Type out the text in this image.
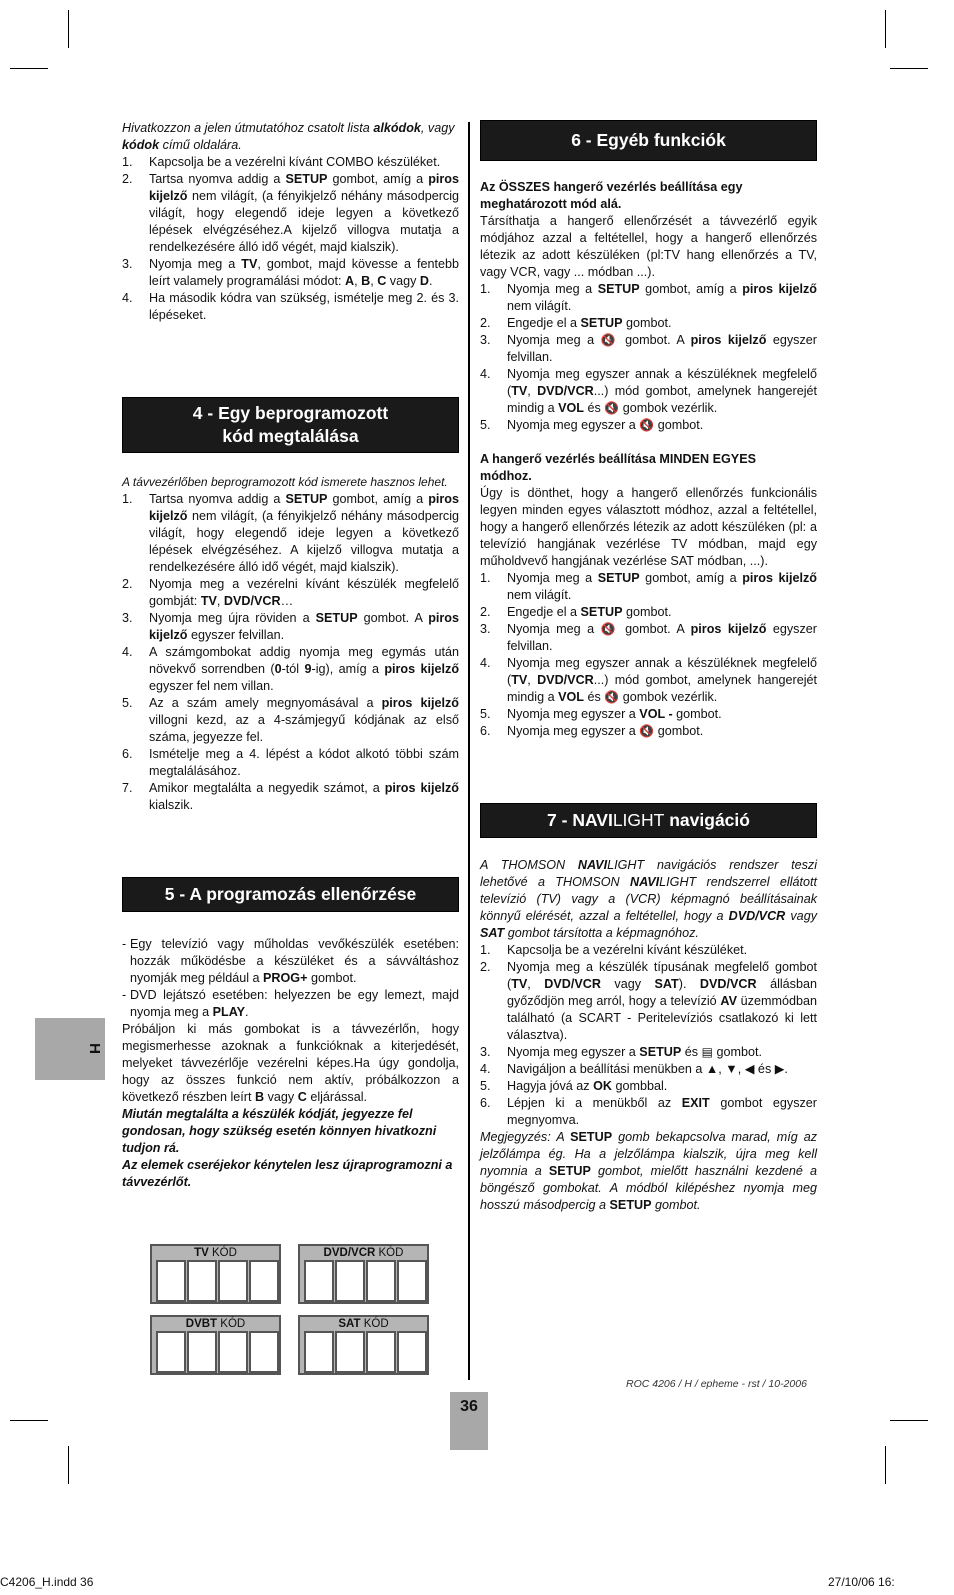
H

Hivatkozzon a jelen útmutatóhoz csatolt lista alkódok, vagy kódok című oldalára.

1.	Kapcsolja be a vezérelni kívánt COMBO készüléket.
2.	Tartsa nyomva addig a SETUP gombot, amíg a piros kijelző nem világít, (a fényikjelző néhány másodpercig világít, hogy elegendő ideje legyen a következő lépések elvégzéséhez.A kijelző villogva mutatja a rendelkezésére álló idő végét, majd kialszik).
3.	Nyomja meg a TV, gombot, majd kövesse a fentebb leírt valamely programálási módot: A, B, C vagy D.
4.	Ha második kódra van szükség, ismételje meg 2. és 3. lépéseket.
4 - Egy beprogramozott
kód megtalálása

A távvezérlőben beprogramozott kód ismerete hasznos lehet.

1.	Tartsa nyomva addig a SETUP gombot, amíg a piros kijelző nem világít, (a fényikjelző néhány másodpercig világít, hogy elegendő ideje legyen a következő lépések elvégzéséhez. A kijelző villogva mutatja a rendelkezésére álló idő végét, majd kialszik).
2.	Nyomja meg a vezérelni kívánt készülék megfelelő gombját: TV, DVD/VCR…
3.	Nyomja meg újra röviden a SETUP gombot. A piros kijelző egyszer felvillan.
4.	A számgombokat addig nyomja meg egymás után növekvő sorrendben (0-tól 9-ig), amíg a piros kijelző egyszer fel nem villan.
5.	Az a szám amely megnyomásával a piros kijelző villogni kezd, az a 4-számjegyű kódjának az első száma, jegyezze fel.
6.	Ismételje meg a 4. lépést a kódot alkotó többi szám megtalálásához.
7.	Amikor megtalálta a negyedik számot, a piros kijelző kialszik.
5 - A programozás ellenőrzése
- Egy televízió vagy műholdas vevőkészülék esetében: hozzák működésbe a készüléket és a sávváltáshoz nyomják meg például a PROG+ gombot.
- DVD lejátszó esetében: helyezzen be egy lemezt, majd nyomja meg a PLAY.

Próbáljon ki más gombokat is a távvezérlőn, hogy megismerhesse azoknak a funkcióknak a kiterjedését, melyeket távvezérlője vezérelni képes.Ha úgy gondolja, hogy az összes funkció nem aktív, próbálkozzon a következő részben leírt B vagy C eljárással.

Miután megtalálta a készülék kódját, jegyezze fel gondosan, hogy szükség esetén könnyen hivatkozni tudjon rá.

Az elemek cseréjekor kénytelen lesz újraprogramozni a távvezérlőt.

TV KÓD	DVD/VCR KÓD
DVBT KÓD	SAT KÓD
6 - Egyéb funkciók

Az ÖSSZES hangerő vezérlés beállítása egy
meghatározott mód alá.

Társíthatja a hangerő ellenőrzését a távvezérlő egyik módjához azzal a feltétellel, hogy a hangerő ellenőrzés létezik az adott készüléken (pl:TV hang ellenőrzés a TV, vagy VCR, vagy ... módban ...).

1.	Nyomja meg a SETUP gombot, amíg a piros kijelző nem világít.
2.	Engedje el a SETUP gombot.
3.	Nyomja meg a 🔇 gombot. A piros kijelző egyszer felvillan.
4.	Nyomja meg egyszer annak a készüléknek megfelelő (TV, DVD/VCR...) mód gombot, amelynek hangerejét mindig a VOL és 🔇 gombok vezérlik.
5.	Nyomja meg egyszer a 🔇 gombot.

A hangerő vezérlés beállítása MINDEN EGYES
módhoz.

Úgy is dönthet, hogy a hangerő ellenőrzés funkcionális legyen minden egyes választott módhoz, azzal a feltétellel, hogy a hangerő ellenőrzés létezik az adott készüléken (pl: a televízió hangjának vezérlése TV módban, majd egy műholdvevő hangjának vezérlése SAT módban, ...).

1.	Nyomja meg a SETUP gombot, amíg a piros kijelző nem világít.
2.	Engedje el a SETUP gombot.
3.	Nyomja meg a 🔇 gombot. A piros kijelző egyszer felvillan.
4.	Nyomja meg egyszer annak a készüléknek megfelelő (TV, DVD/VCR...) mód gombot, amelynek hangerejét mindig a VOL és 🔇 gombok vezérlik.
5.	Nyomja meg egyszer a VOL - gombot.
6.	Nyomja meg egyszer a 🔇 gombot.
7 - NAVILIGHT navigáció

A THOMSON NAVILIGHT navigációs rendszer teszi lehetővé a THOMSON NAVILIGHT rendszerrel ellátott televízió (TV) vagy a (VCR) képmagnó beállításainak könnyű elérését, azzal a feltétellel, hogy a DVD/VCR vagy SAT gombot társította a képmagnóhoz.

1.	Kapcsolja be a vezérelni kívánt készüléket.
2.	Nyomja meg a készülék típusának megfelelő gombot (TV, DVD/VCR vagy SAT). DVD/VCR állásban győződjön meg arról, hogy a televízió AV üzemmódban található (a SCART - Peritelevíziós csatlakozó ki lett választva).
3.	Nyomja meg egyszer a SETUP és ▤ gombot.
4.	Navigáljon a beállítási menükben a ▲, ▼, ◀ és ▶.
5.	Hagyja jóvá az OK gombbal.
6.	Lépjen ki a menükből az EXIT gombot egyszer megnyomva.

Megjegyzés: A SETUP gomb bekapcsolva marad, míg az jelzőlámpa ég. Ha a jelzőlámpa kialszik, újra meg kell nyomnia a SETUP gombot, mielőtt használni kezdené a böngésző gombokat. A módból kilépéshez nyomja meg hosszú másodpercig a SETUP gombot.

ROC 4206 / H / epheme - rst / 10-2006
36
C4206_H.indd 36	27/10/06 16:
